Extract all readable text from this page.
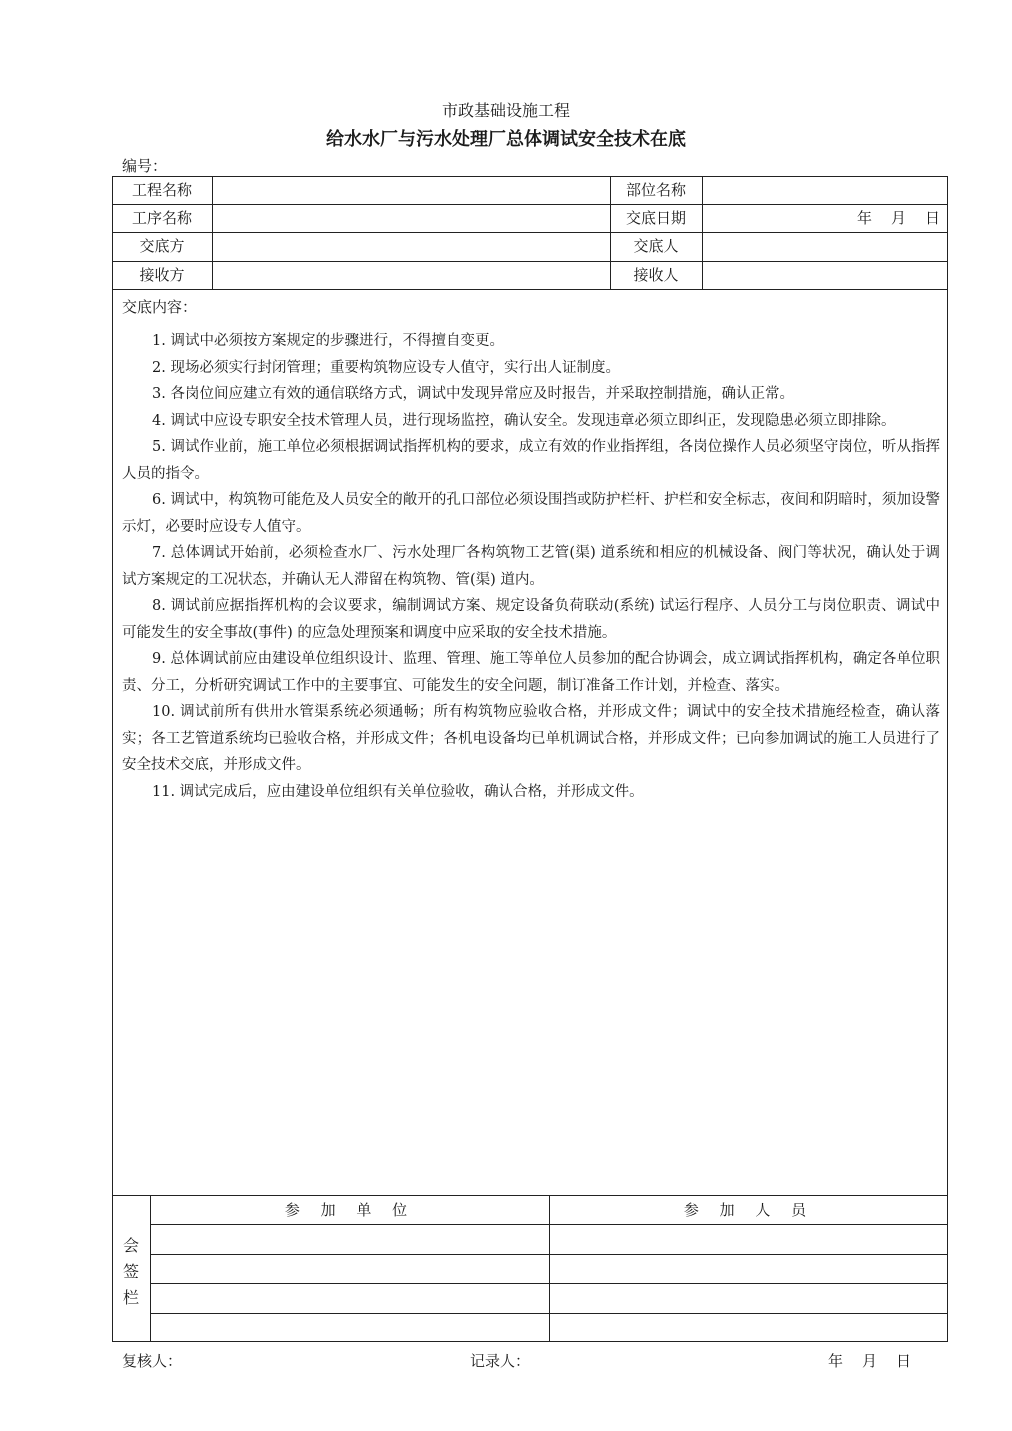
市政基础设施工程
给水水厂与污水处理厂总体调试安全技术在底
编号：
工程名称	部位名称
工序名称	交底日期	年 月 日
交底方	交底人
接收方	接收人
交底内容：

1. 调试中必须按方案规定的步骤进行，不得擅自变更。

2. 现场必须实行封闭管理；重要构筑物应设专人值守，实行出人证制度。

3. 各岗位间应建立有效的通信联络方式，调试中发现异常应及时报告，并采取控制措施，确认正常。

4. 调试中应设专职安全技术管理人员，进行现场监控，确认安全。发现违章必须立即纠正，发现隐患必须立即排除。

5. 调试作业前，施工单位必须根据调试指挥机构的要求，成立有效的作业指挥组，各岗位操作人员必须坚守岗位，听从指挥人员的指令。

6. 调试中，构筑物可能危及人员安全的敞开的孔口部位必须设围挡或防护栏杆、护栏和安全标志，夜间和阴暗时，须加设警示灯，必要时应设专人值守。

7. 总体调试开始前，必须检查水厂、污水处理厂各构筑物工艺管(渠) 道系统和相应的机械设备、阀门等状况，确认处于调试方案规定的工况状态，并确认无人滞留在构筑物、管(渠) 道内。

8. 调试前应据指挥机构的会议要求，编制调试方案、规定设备负荷联动(系统) 试运行程序、人员分工与岗位职责、调试中可能发生的安全事故(事件) 的应急处理预案和调度中应采取的安全技术措施。

9. 总体调试前应由建设单位组织设计、监理、管理、施工等单位人员参加的配合协调会，成立调试指挥机构，确定各单位职责、分工，分析研究调试工作中的主要事宜、可能发生的安全问题，制订准备工作计划，并检查、落实。

10. 调试前所有供卅水管渠系统必须通畅；所有构筑物应验收合格，并形成文件；调试中的安全技术措施经检查，确认落实；各工艺管道系统均已验收合格，并形成文件；各机电设备均已单机调试合格，并形成文件；已向参加调试的施工人员进行了安全技术交底，并形成文件。

11. 调试完成后，应由建设单位组织有关单位验收，确认合格，并形成文件。

会
签
栏
参 加 单 位	参 加 人 员
复核人：	记录人：	年 月 日
